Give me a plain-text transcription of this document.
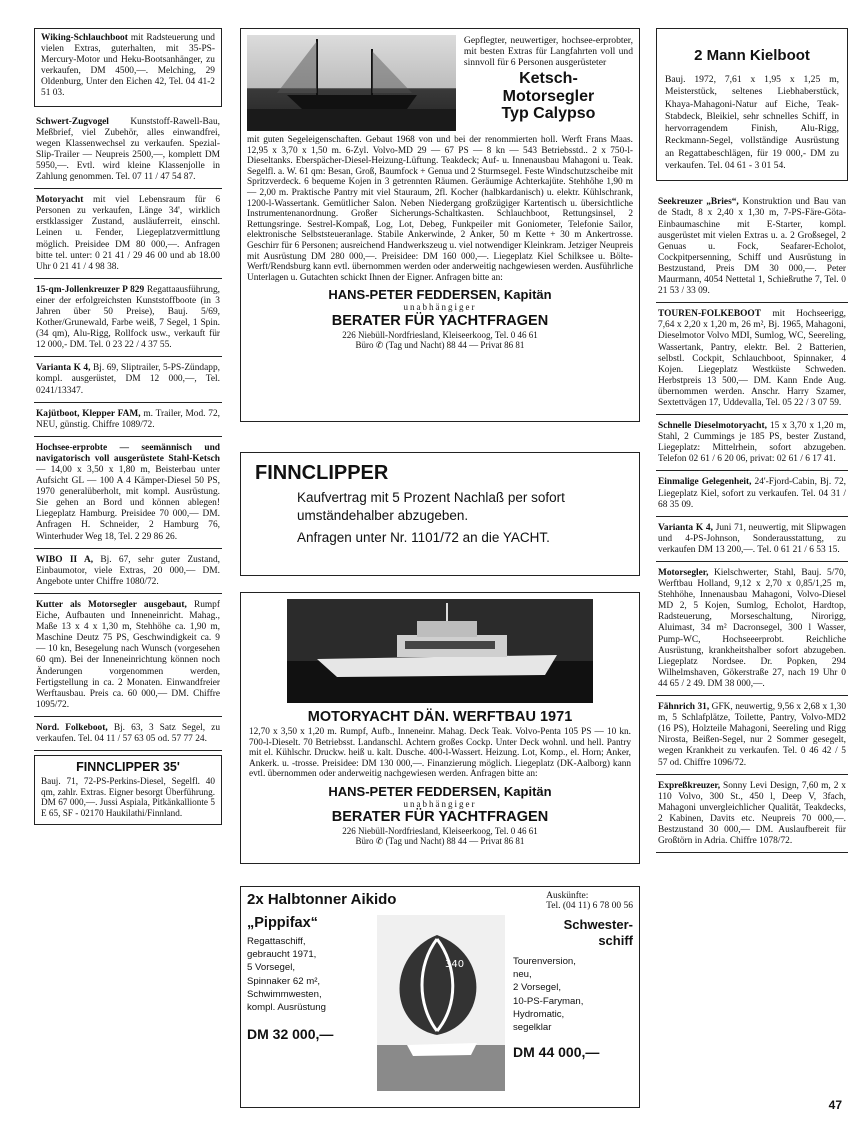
Wiking-Schlauchboot mit Radsteuerung und vielen Extras, guterhalten, mit 35-PS-Mercury-Motor und Heku-Bootsanhänger, zu verkaufen, DM 4500,—. Melching, 29 Oldenburg, Unter den Eichen 42, Tel. 04 41-2 51 03.
Schwert-Zugvogel Kunststoff-Rawell-Bau, Meßbrief, viel Zubehör, alles einwandfrei, wegen Klassenwechsel zu verkaufen. Spezial-Slip-Trailer — Neupreis 2500,—, komplett DM 5950,—. Evtl. wird kleine Klassenjolle in Zahlung genommen. Tel. 07 11 / 47 54 87.
Motoryacht mit viel Lebensraum für 6 Personen zu verkaufen, Länge 34', wirklich erstklassiger Zustand, ausläuferreit, einschl. Leinen u. Fender, Liegeplatzvermittlung möglich. Preisidee DM 80 000,—. Anfragen bitte tel. unter: 0 21 41 / 29 46 00 und ab 18.00 Uhr 0 21 41 / 4 98 38.
15-qm-Jollenkreuzer P 829 Regattaausführung, einer der erfolgreichsten Kunststoffboote (in 3 Jahren über 50 Preise), Bauj. 5/69, Kother/Grunewald, Farbe weiß, 7 Segel, 1 Spin. (34 qm), Alu-Rigg, Rollfock usw., verkauft für 12 000,- DM. Tel. 0 23 22 / 4 37 55.
Varianta K 4, Bj. 69, Sliptrailer, 5-PS-Zündapp, kompl. ausgerüstet, DM 12 000,—, Tel. 0241/13347.
Kajütboot, Klepper FAM, m. Trailer, Mod. 72, NEU, günstig. Chiffre 1089/72.
Hochsee-erprobte — seemännisch und navigatorisch voll ausgerüstete Stahl-Ketsch — 14,00 x 3,50 x 1,80 m, Beisterbau unter Aufsicht GL — 100 A 4 Kämper-Diesel 50 PS, 1970 generalüberholt, mit kompl. Ausrüstung. Sie gehen an Bord und können ablegen! Liegeplatz Hamburg. Preisidee 70 000,— DM. Anfragen H. Schneider, 2 Hamburg 76, Winterhuder Weg 18, Tel. 2 29 86 26.
WIBO II A, Bj. 67, sehr guter Zustand, Einbaumotor, viele Extras, 20 000,— DM. Angebote unter Chiffre 1080/72.
Kutter als Motorsegler ausgebaut, Rumpf Eiche, Aufbauten und Inneneinricht. Mahag., Maße 13 x 4 x 1,30 m, Stehhöhe ca. 1,90 m, Maschine Deutz 75 PS, Geschwindigkeit ca. 9 — 10 kn, Besegelung nach Wunsch (vorgesehen 60 qm). Bei der Inneneinrichtung können noch Änderungen vorgenommen werden, Fertigstellung in ca. 2 Monaten. Einwandfreier Werftausbau. Preis ca. 60 000,— DM. Chiffre 1095/72.
Nord. Folkeboot, Bj. 63, 3 Satz Segel, zu verkaufen. Tel. 04 11 / 57 63 05 od. 57 77 24.
FINNCLIPPER 35'
Bauj. 71, 72-PS-Perkins-Diesel, Segelfl. 40 qm, zahlr. Extras. Eigner besorgt Überführung. DM 67 000,—. Jussi Aspiala, Pitkänkallionte 5 E 65, SF - 02170 Haukilathi/Finnland.
Gepflegter, neuwertiger, hochsee-erprobter, mit besten Extras für Langfahrten voll und sinnvoll für 6 Personen ausgerüsteter
Ketsch-
Motorsegler
Typ Calypso
mit guten Segeleigenschaften. Gebaut 1968 von und bei der renommierten holl. Werft Frans Maas. 12,95 x 3,70 x 1,50 m. 6-Zyl. Volvo-MD 29 — 67 PS — 8 kn — 543 Betriebsstd.. 2 x 750-l-Dieseltanks. Eberspächer-Diesel-Heizung-Lüftung. Teakdeck; Auf- u. Innenausbau Mahagoni u. Teak. Segelfl. a. W. 61 qm: Besan, Groß, Baumfock + Genua und 2 Sturmsegel. Feste Windschutzscheibe mit Spritzverdeck. 6 bequeme Kojen in 3 getrennten Räumen. Geräumige Achterkajüte. Stehhöhe 1,90 m — 2,00 m. Praktische Pantry mit viel Stauraum, 2fl. Kocher (halbkardanisch) u. elektr. Kühlschrank, 1200-l-Wassertank. Gemütlicher Salon. Neben Niedergang großzügiger Kartentisch u. übersichtliche Instrumentenanordnung. Großer Sicherungs-Schaltkasten. Schlauchboot, Rettungsinsel, 2 Rettungsringe. Sestrel-Kompaß, Log, Lot, Debeg, Funkpeiler mit Goniometer, Telefonie Sailor, elektronische Selbststeueranlage. Stabile Ankerwinde, 2 Anker, 50 m Kette + 30 m Ankertrosse. Geschirr für 6 Personen; ausreichend Handwerkszeug u. viel notwendiger Kleinkram. Jetziger Neupreis mit Ausrüstung DM 280 000,—. Preisidee: DM 160 000,—. Liegeplatz Kiel Schilksee u. Bölte-Werft/Rendsburg kann evtl. übernommen werden oder anderweitig nachgewiesen werden. Ausführliche Unterlagen u. Gutachten schickt Ihnen der Eigner. Anfragen bitte an:
HANS-PETER FEDDERSEN, Kapitän
unabhängiger
BERATER FÜR YACHTFRAGEN
226 Niebüll-Nordfriesland, Kleiseerkoog, Tel. 0 46 61
Büro ✆ (Tag und Nacht) 88 44 — Privat 86 81
FINNCLIPPER
Kaufvertrag mit 5 Prozent Nachlaß per sofort umständehalber abzugeben.
Anfragen unter Nr. 1101/72 an die YACHT.
MOTORYACHT DÄN. WERFTBAU 1971
12,70 x 3,50 x 1,20 m. Rumpf, Aufb., Inneneinr. Mahag. Deck Teak. Volvo-Penta 105 PS — 10 kn. 700-l-Dieselt. 70 Betriebsst. Landanschl. Achtern großes Cockp. Unter Deck wohnl. und hell. Pantry mit el. Kühlschr. Druckw. heiß u. kalt. Dusche. 400-l-Wassert. Heizung. Lot, Komp., el. Horn; Anker, Ankerk. u. -trosse. Preisidee: DM 130 000,—. Finanzierung möglich. Liegeplatz (DK-Aalborg) kann evtl. übernommen oder anderweitig nachgewiesen werden. Anfragen bitte an:
HANS-PETER FEDDERSEN, Kapitän
unabhängiger
BERATER FÜR YACHTFRAGEN
226 Niebüll-Nordfriesland, Kleiseerkoog, Tel. 0 46 61
Büro ✆ (Tag und Nacht) 88 44 — Privat 86 81
2x Halbtonner Aikido	Auskünfte:
Tel. (04 11) 6 78 00 56
„Pippifax“
Regattaschiff,
gebraucht 1971,
5 Vorsegel,
Spinnaker 62 m²,
Schwimmwesten,
kompl. Ausrüstung
DM 32 000,—
340
Schwester-
schiff
Tourenversion,
neu,
2 Vorsegel,
10-PS-Faryman,
Hydromatic,
segelklar
DM 44 000,—
2 Mann Kielboot
Bauj. 1972, 7,61 x 1,95 x 1,25 m, Meisterstück, seltenes Liebhaberstück, Khaya-Mahagoni-Natur auf Eiche, Teak-Stabdeck, Bleikiel, sehr schnelles Schiff, in hervorragendem Finish, Alu-Rigg, Reckmann-Segel, vollständige Ausrüstung an Regattabeschlägen, für 19 000,- DM zu verkaufen. Tel. 04 61 - 3 01 54.
Seekreuzer „Bries“, Konstruktion und Bau van de Stadt, 8 x 2,40 x 1,30 m, 7-PS-Färe-Göta-Einbaumaschine mit E-Starter, kompl. ausgerüstet mit vielen Extras u. a. 2 Großsegel, 2 Genuas u. Fock, Seafarer-Echolot, Cockpitpersenning, Schiff und Ausrüstung in Bestzustand, Preis DM 30 000,—. Peter Maurmann, 4054 Nettetal 1, Schießruthe 7, Tel. 0 21 53 / 33 09.
TOUREN-FOLKEBOOT mit Hochseerigg, 7,64 x 2,20 x 1,20 m, 26 m², Bj. 1965, Mahagoni, Dieselmotor Volvo MDI, Sumlog, WC, Seereling, Wassertank, Pantry, elektr. Bel. 2 Batterien, selbstl. Cockpit, Schlauchboot, Spinnaker, 4 Kojen. Liegeplatz Westküste Schweden. Herbstpreis 13 500,— DM. Kann Ende Aug. übernommen werden. Anschr. Harry Szamer, Sextettvägen 17, Uddevalla, Tel. 05 22 / 3 07 59.
Schnelle Dieselmotoryacht, 15 x 3,70 x 1,20 m, Stahl, 2 Cummings je 185 PS, bester Zustand, Liegeplatz: Mittelrhein, sofort abzugeben. Telefon 02 61 / 6 20 06, privat: 02 61 / 6 17 41.
Einmalige Gelegenheit, 24'-Fjord-Cabin, Bj. 72, Liegeplatz Kiel, sofort zu verkaufen. Tel. 04 31 / 68 35 09.
Varianta K 4, Juni 71, neuwertig, mit Slipwagen und 4-PS-Johnson, Sonderausstattung, zu verkaufen DM 13 200,—. Tel. 0 61 21 / 6 53 15.
Motorsegler, Kielschwerter, Stahl, Bauj. 5/70, Werftbau Holland, 9,12 x 2,70 x 0,85/1,25 m, Stehhöhe, Innenausbau Mahagoni, Volvo-Diesel MD 2, 5 Kojen, Sumlog, Echolot, Hardtop, Radsteuerung, Morseschaltung, Nirorigg, Aluimast, 34 m² Dacronsegel, 300 l Wasser, Pump-WC, Hochseeerprobt. Reichliche Ausrüstung, krankheitshalber sofort abzugeben. Liegeplatz Nordsee. Dr. Popken, 294 Wilhelmshaven, Gökerstraße 27, nach 19 Uhr 0 44 65 / 2 49. DM 38 000,—.
Fähnrich 31, GFK, neuwertig, 9,56 x 2,68 x 1,30 m, 5 Schlafplätze, Toilette, Pantry, Volvo-MD2 (16 PS), Holzteile Mahagoni, Seereling und Rigg Nirosta, Beißen-Segel, nur 2 Sommer gesegelt, wegen Krankheit zu verkaufen. Tel. 0 46 42 / 5 57 od. Chiffre 1096/72.
Expreßkreuzer, Sonny Levi Design, 7,60 m, 2 x 110 Volvo, 300 St., 450 l, Deep V, 3fach, Mahagoni unvergleichlicher Qualität, Teakdecks, 2 Kabinen, Davits etc. Neupreis 70 000,—. Bestzustand 30 000,— DM. Auslaufbereit für Großtörn in Adria. Chiffre 1078/72.
47
